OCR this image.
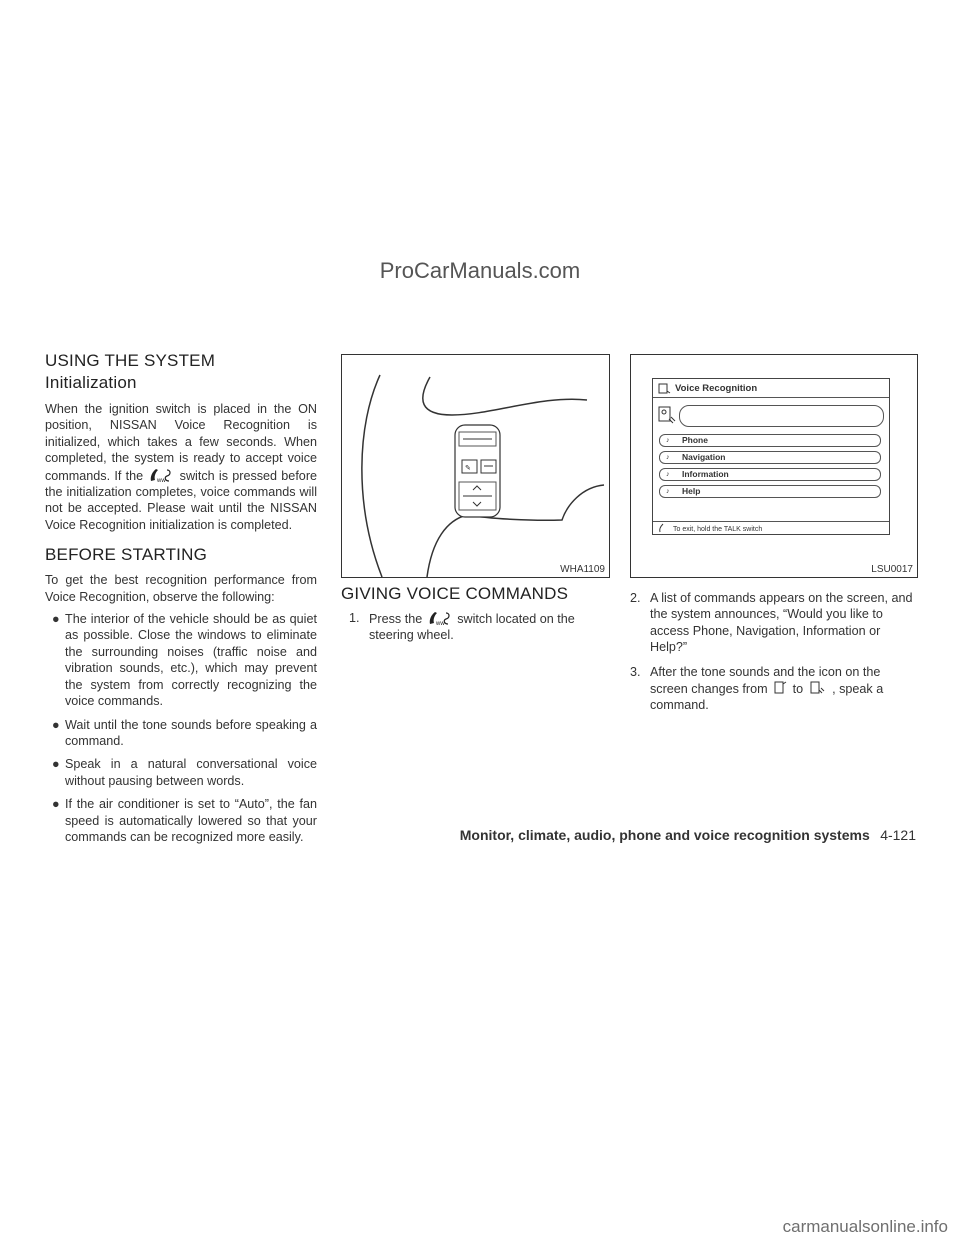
ProCarManuals.com
USING THE SYSTEM
Initialization
When the ignition switch is placed in the ON position, NISSAN Voice Recognition is initialized, which takes a few seconds. When completed, the system is ready to accept voice commands. If the ww switch is pressed before the initialization completes, voice commands will not be accepted. Please wait until the NISSAN Voice Recognition initialization is completed.
BEFORE STARTING
To get the best recognition performance from Voice Recognition, observe the following:
● The interior of the vehicle should be as quiet as possible. Close the windows to eliminate the surrounding noises (traffic noise and vibration sounds, etc.), which may prevent the system from correctly recognizing the voice commands.
● Wait until the tone sounds before speaking a command.
● Speak in a natural conversational voice without pausing between words.
● If the air conditioner is set to “Auto”, the fan speed is automatically lowered so that your commands can be recognized more easily.
✎
WHA1109
GIVING VOICE COMMANDS
1. Press the ww switch located on the steering wheel.
Voice Recognition
♪ Phone
♪ Navigation
♪ Information
♪ Help
To exit, hold the TALK switch
LSU0017
2. A list of commands appears on the screen, and the system announces, “Would you like to access Phone, Navigation, Information or Help?”
3. After the tone sounds and the icon on the screen changes from to , speak a command.
Monitor, climate, audio, phone and voice recognition systems 4-121
carmanualsonline.info
